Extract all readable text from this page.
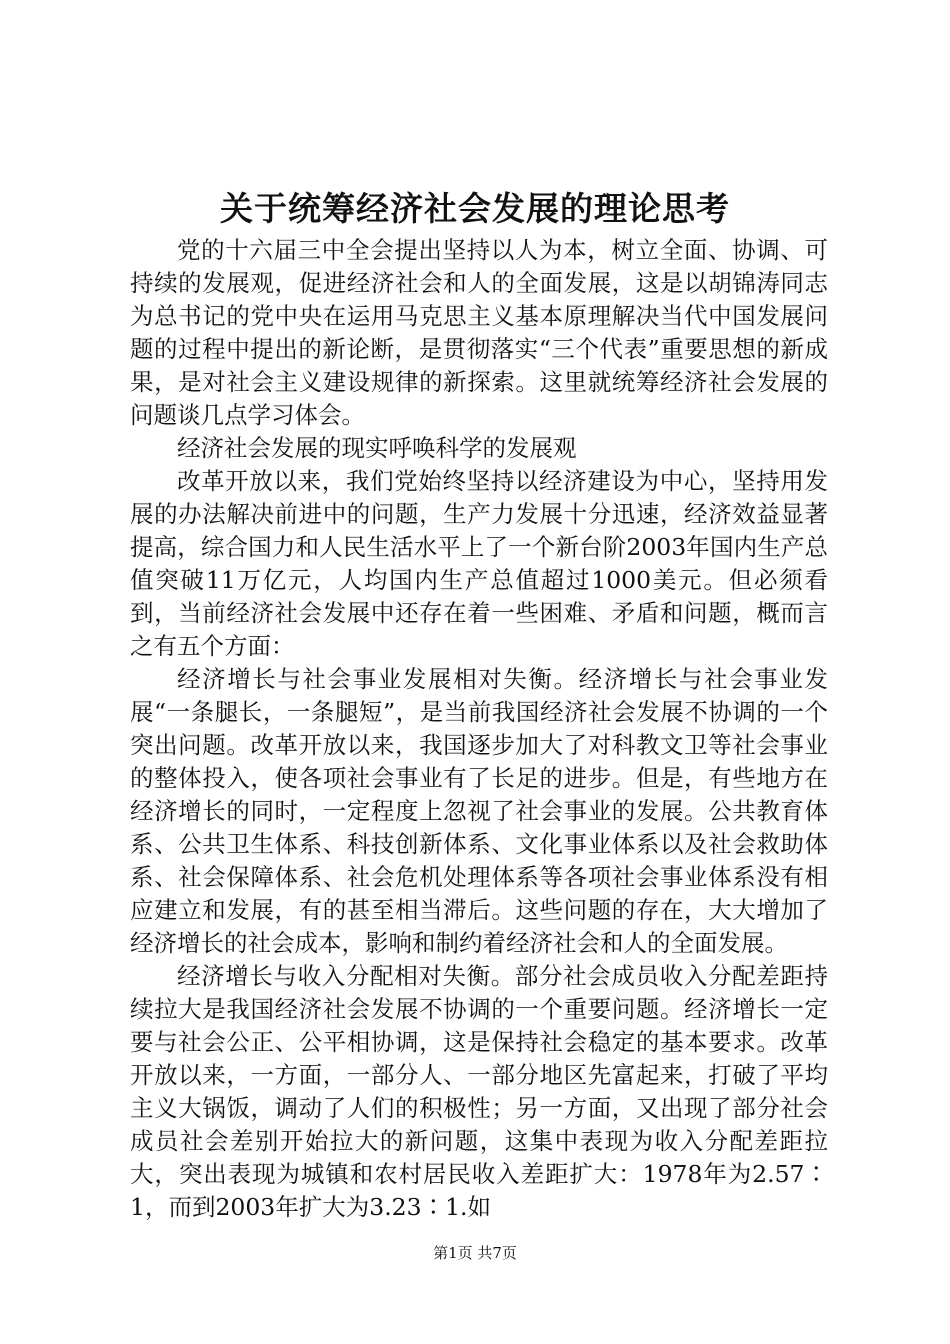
关于统筹经济社会发展的理论思考

党的十六届三中全会提出坚持以人为本，树立全面、协调、可持续的发展观，促进经济社会和人的全面发展，这是以胡锦涛同志为总书记的党中央在运用马克思主义基本原理解决当代中国发展问题的过程中提出的新论断，是贯彻落实“三个代表”重要思想的新成果，是对社会主义建设规律的新探索。这里就统筹经济社会发展的问题谈几点学习体会。

经济社会发展的现实呼唤科学的发展观

改革开放以来，我们党始终坚持以经济建设为中心，坚持用发展的办法解决前进中的问题，生产力发展十分迅速，经济效益显著提高，综合国力和人民生活水平上了一个新台阶2003年国内生产总值突破11万亿元，人均国内生产总值超过1000美元。但必须看到，当前经济社会发展中还存在着一些困难、矛盾和问题，概而言之有五个方面：

经济增长与社会事业发展相对失衡。经济增长与社会事业发展“一条腿长，一条腿短”，是当前我国经济社会发展不协调的一个突出问题。改革开放以来，我国逐步加大了对科教文卫等社会事业的整体投入，使各项社会事业有了长足的进步。但是，有些地方在经济增长的同时，一定程度上忽视了社会事业的发展。公共教育体系、公共卫生体系、科技创新体系、文化事业体系以及社会救助体系、社会保障体系、社会危机处理体系等各项社会事业体系没有相应建立和发展，有的甚至相当滞后。这些问题的存在，大大增加了经济增长的社会成本，影响和制约着经济社会和人的全面发展。

经济增长与收入分配相对失衡。部分社会成员收入分配差距持续拉大是我国经济社会发展不协调的一个重要问题。经济增长一定要与社会公正、公平相协调，这是保持社会稳定的基本要求。改革开放以来，一方面，一部分人、一部分地区先富起来，打破了平均主义大锅饭，调动了人们的积极性；另一方面，又出现了部分社会成员社会差别开始拉大的新问题，这集中表现为收入分配差距拉大，突出表现为城镇和农村居民收入差距扩大：1978年为2.57∶1，而到2003年扩大为3.23∶1.如

第1页 共7页
